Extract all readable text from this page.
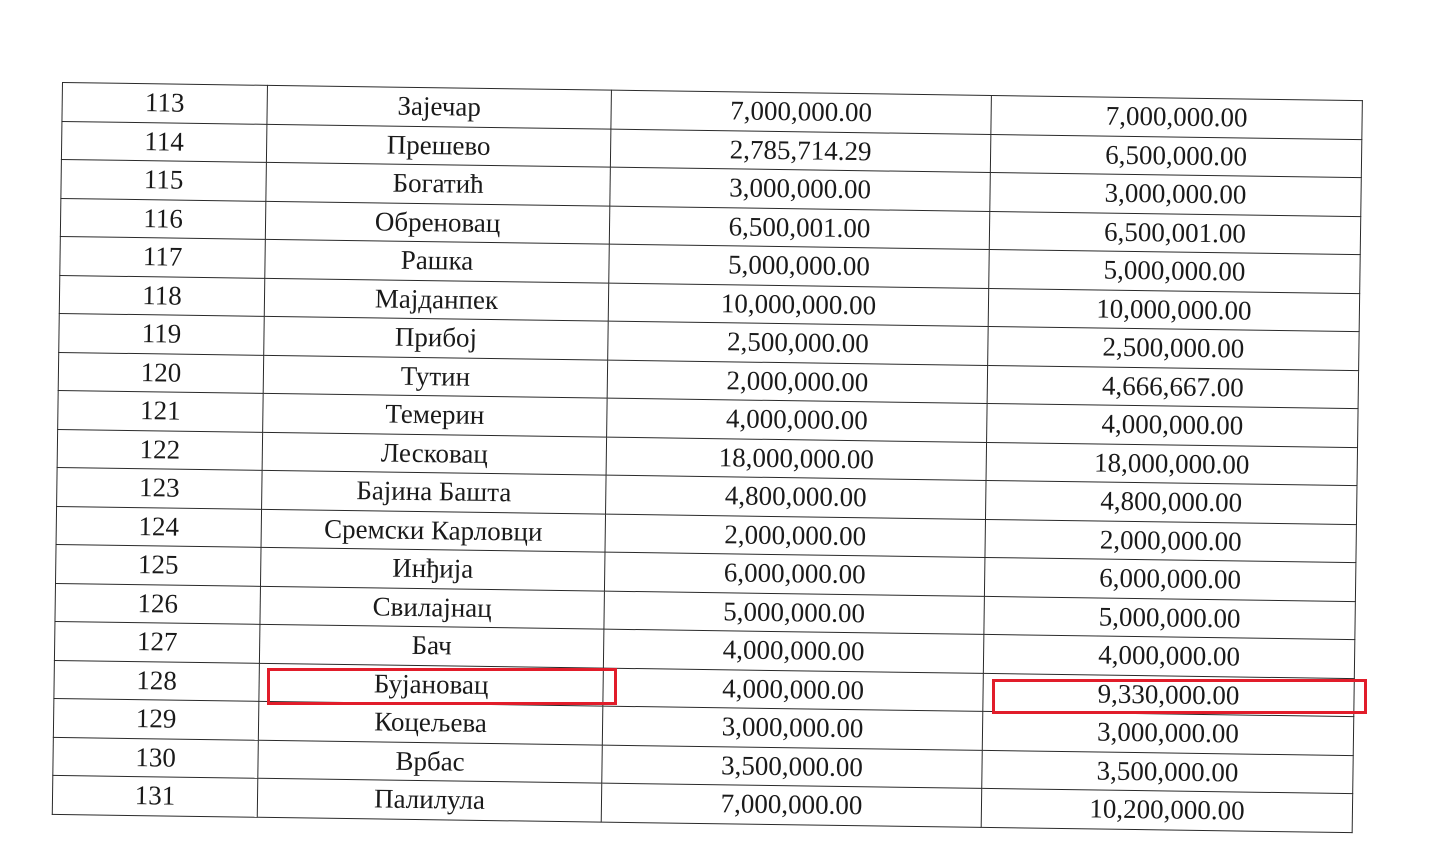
113	Зајечар	7,000,000.00	7,000,000.00
114	Прешево	2,785,714.29	6,500,000.00
115	Богатић	3,000,000.00	3,000,000.00
116	Обреновац	6,500,001.00	6,500,001.00
117	Рашка	5,000,000.00	5,000,000.00
118	Мајданпек	10,000,000.00	10,000,000.00
119	Прибој	2,500,000.00	2,500,000.00
120	Тутин	2,000,000.00	4,666,667.00
121	Темерин	4,000,000.00	4,000,000.00
122	Лесковац	18,000,000.00	18,000,000.00
123	Бајина Башта	4,800,000.00	4,800,000.00
124	Сремски Карловци	2,000,000.00	2,000,000.00
125	Инђија	6,000,000.00	6,000,000.00
126	Свилајнац	5,000,000.00	5,000,000.00
127	Бач	4,000,000.00	4,000,000.00
128	Бујановац	4,000,000.00	9,330,000.00
129	Коцељева	3,000,000.00	3,000,000.00
130	Врбас	3,500,000.00	3,500,000.00
131	Палилула	7,000,000.00	10,200,000.00
